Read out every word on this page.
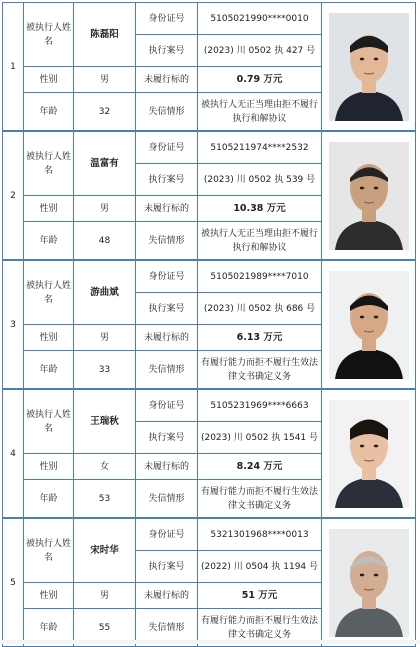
1
被执行人姓名
陈磊阳
身份证号	5105021990****0010
执行案号	(2023) 川 0502 执 427 号
性别	男	未履行标的	0.79 万元
年龄	32	失信情形
被执行人无正当理由拒不履行执行和解协议
2
被执行人姓名
温富有
身份证号	5105211974****2532
执行案号	(2023) 川 0502 执 539 号
性别	男	未履行标的	10.38 万元
年龄	48	失信情形
被执行人无正当理由拒不履行执行和解协议
3
被执行人姓名
游曲斌
身份证号	5105021989****7010
执行案号	(2023) 川 0502 执 686 号
性别	男	未履行标的	6.13 万元
年龄	33	失信情形
有履行能力而拒不履行生效法律文书确定义务
4
被执行人姓名
王瑞秋
身份证号	5105231969****6663
执行案号	(2023) 川 0502 执 1541 号
性别	女	未履行标的	8.24 万元
年龄	53	失信情形
有履行能力而拒不履行生效法律文书确定义务
5
被执行人姓名
宋时华
身份证号	5321301968****0013
执行案号	(2022) 川 0504 执 1194 号
性别	男	未履行标的	51 万元
年龄	55	失信情形
有履行能力而拒不履行生效法律文书确定义务
